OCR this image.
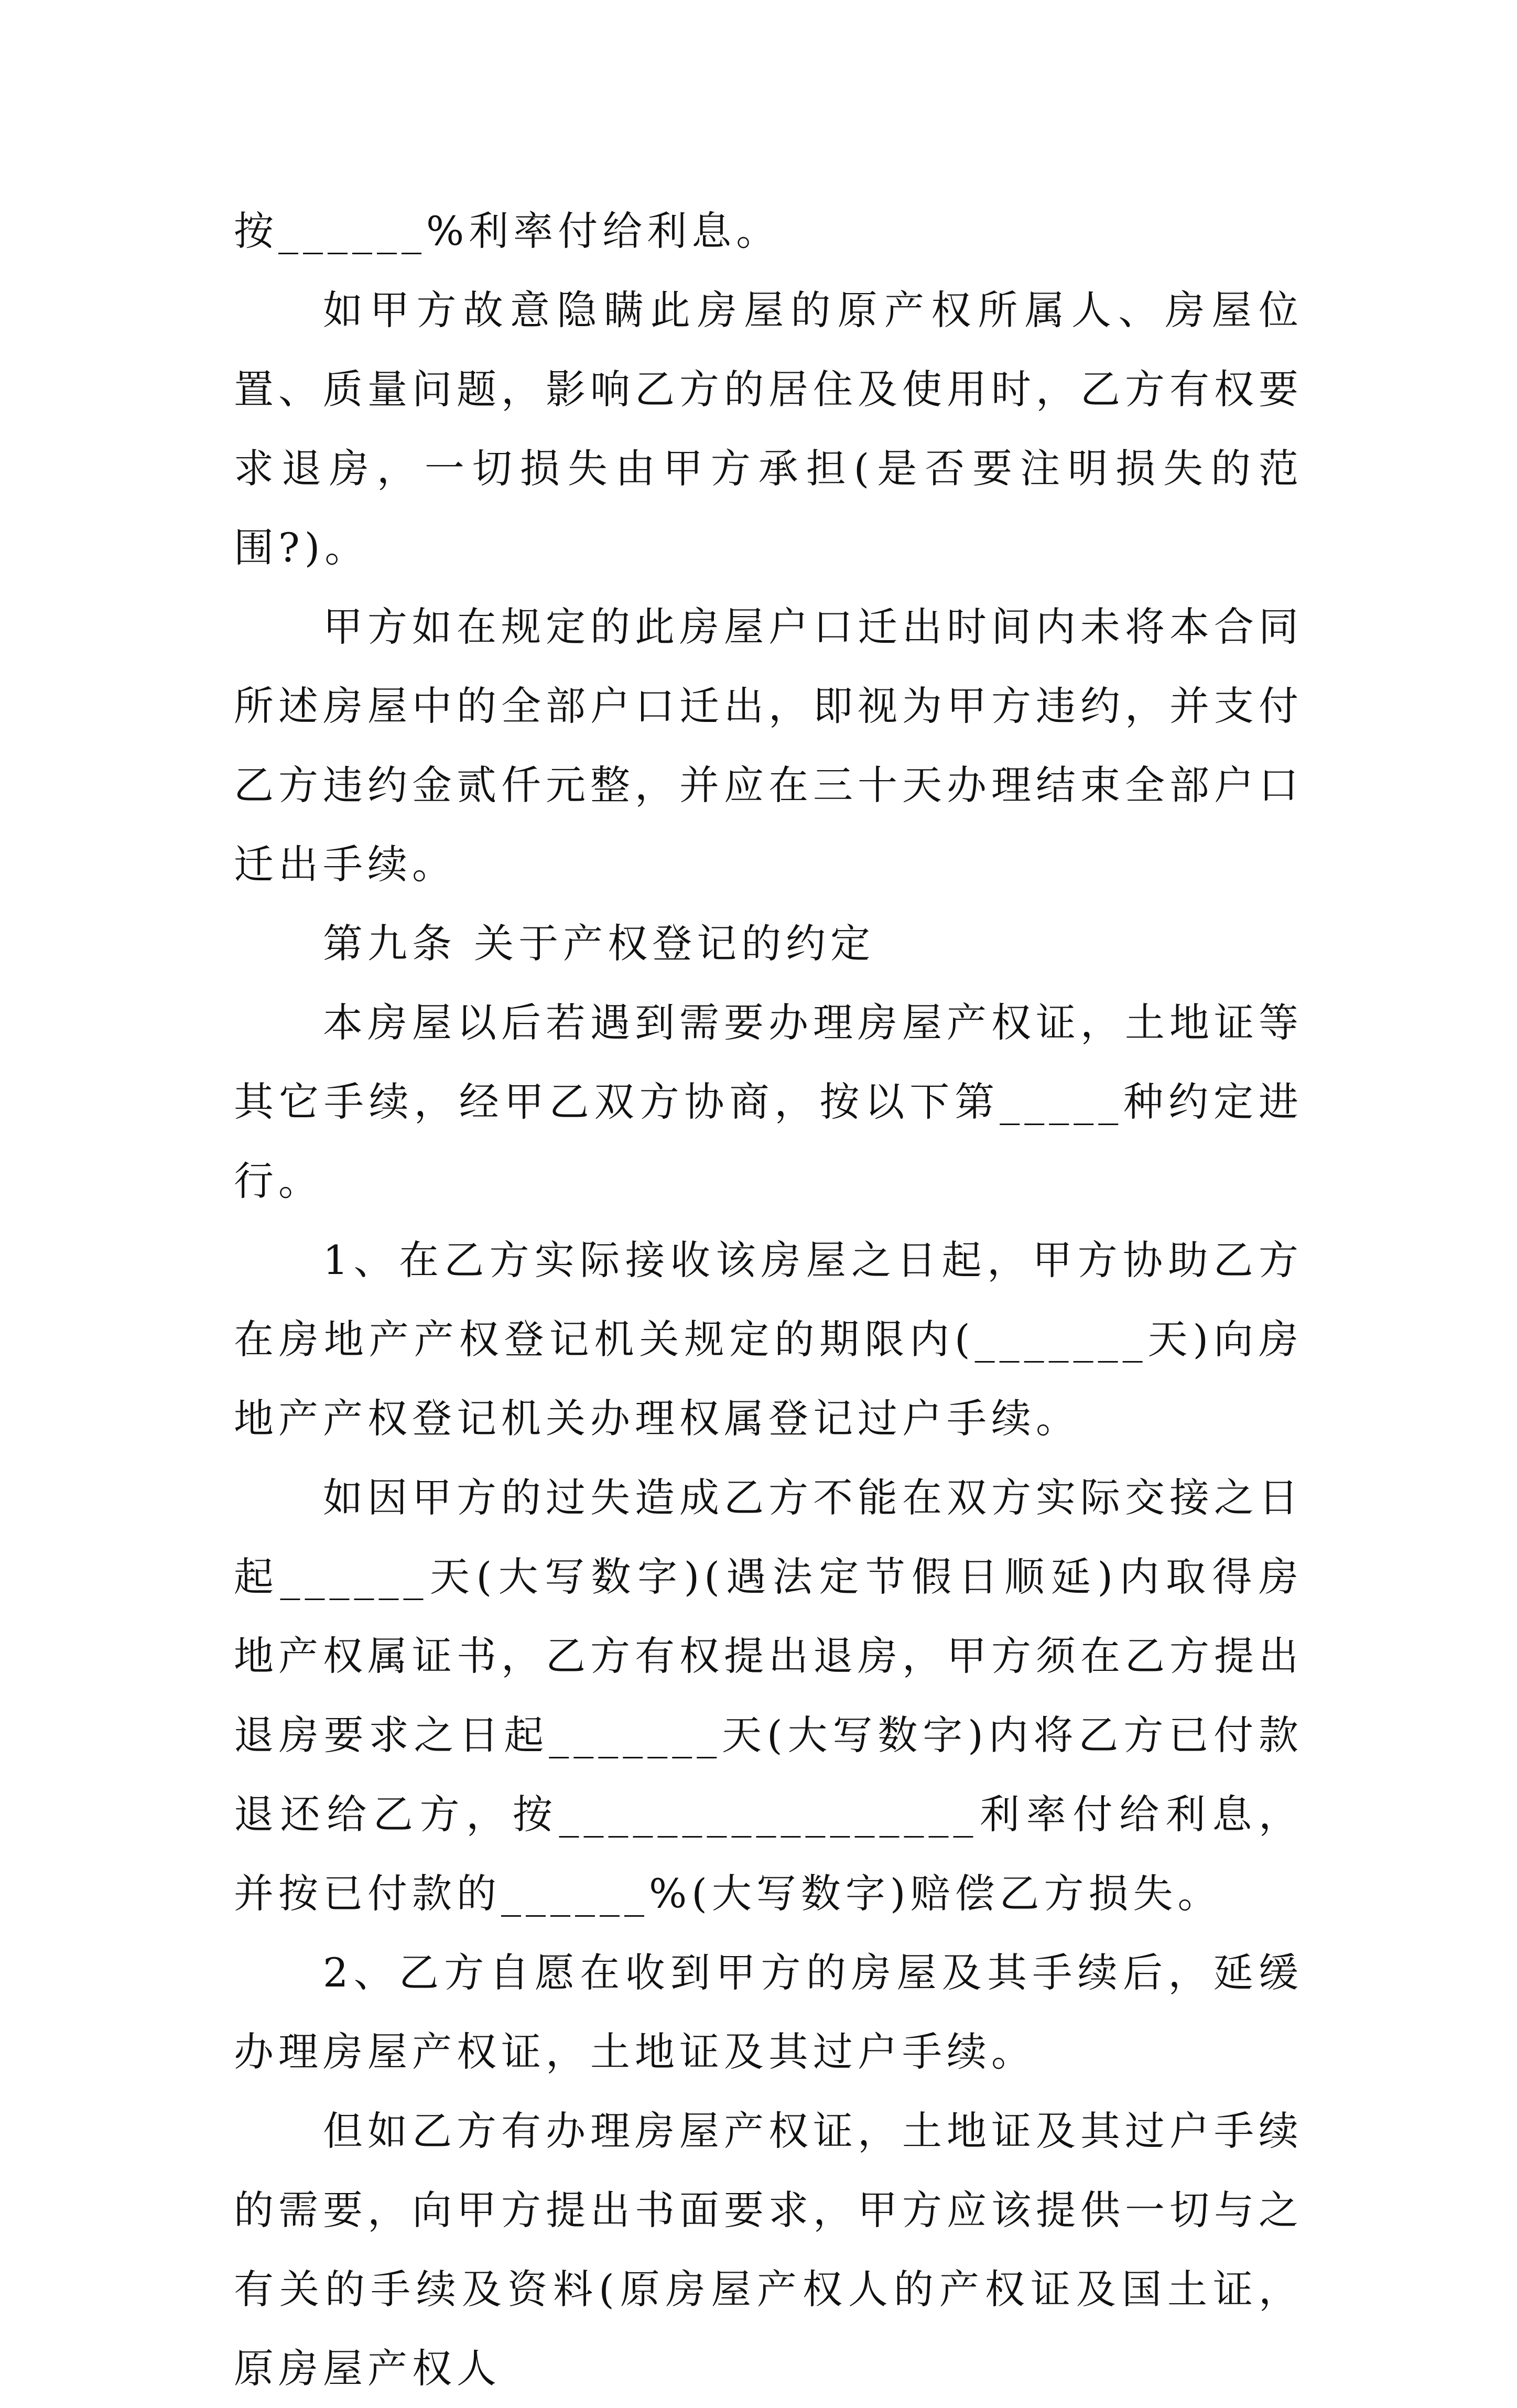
按______%利率付给利息。

如甲方故意隐瞒此房屋的原产权所属人、房屋位置、质量问题，影响乙方的居住及使用时，乙方有权要求退房，一切损失由甲方承担(是否要注明损失的范围?)。

甲方如在规定的此房屋户口迁出时间内未将本合同所述房屋中的全部户口迁出，即视为甲方违约，并支付乙方违约金贰仟元整，并应在三十天办理结束全部户口迁出手续。

第九条 关于产权登记的约定

本房屋以后若遇到需要办理房屋产权证，土地证等其它手续，经甲乙双方协商，按以下第_____种约定进行。

1、在乙方实际接收该房屋之日起，甲方协助乙方在房地产产权登记机关规定的期限内(_______天)向房地产产权登记机关办理权属登记过户手续。

如因甲方的过失造成乙方不能在双方实际交接之日起______天(大写数字)(遇法定节假日顺延)内取得房地产权属证书，乙方有权提出退房，甲方须在乙方提出退房要求之日起_______天(大写数字)内将乙方已付款退还给乙方，按_________________利率付给利息，并按已付款的______%(大写数字)赔偿乙方损失。

2、乙方自愿在收到甲方的房屋及其手续后，延缓办理房屋产权证，土地证及其过户手续。

但如乙方有办理房屋产权证，土地证及其过户手续的需要，向甲方提出书面要求，甲方应该提供一切与之有关的手续及资料(原房屋产权人的产权证及国土证，原房屋产权人
